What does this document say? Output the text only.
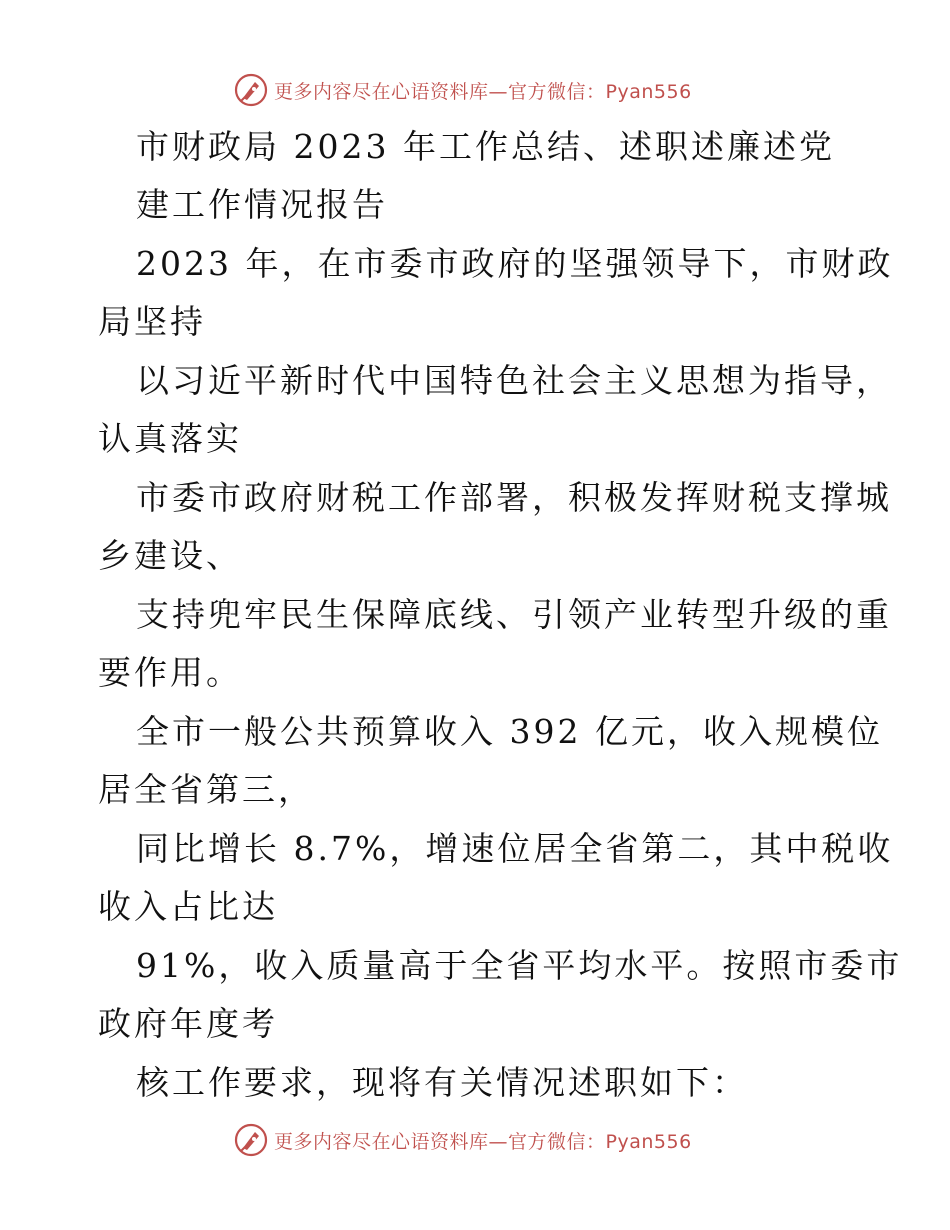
更多内容尽在心语资料库—官方微信：Pyan556
市财政局 2023 年工作总结、述职述廉述党
建工作情况报告
2023 年，在市委市政府的坚强领导下，市财政
局坚持
以习近平新时代中国特色社会主义思想为指导，
认真落实
市委市政府财税工作部署，积极发挥财税支撑城
乡建设、
支持兜牢民生保障底线、引领产业转型升级的重
要作用。
全市一般公共预算收入 392 亿元，收入规模位
居全省第三，
同比增长 8.7%，增速位居全省第二，其中税收
收入占比达
91%，收入质量高于全省平均水平。按照市委市
政府年度考
核工作要求，现将有关情况述职如下：
更多内容尽在心语资料库—官方微信：Pyan556
